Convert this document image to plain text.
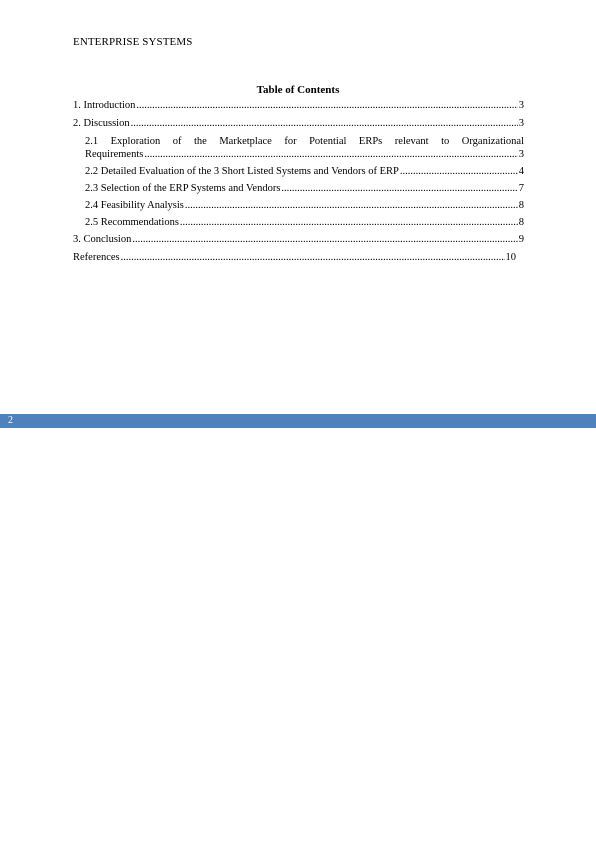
ENTERPRISE SYSTEMS
Table of Contents
1. Introduction .....	3
2. Discussion .....	3
2.1 Exploration of the Marketplace for Potential ERPs relevant to Organizational
Requirements .....	3
2.2 Detailed Evaluation of the 3 Short Listed Systems and Vendors of ERP .....	4
2.3 Selection of the ERP Systems and Vendors .....	7
2.4 Feasibility Analysis .....	8
2.5 Recommendations .....	8
3. Conclusion .....	9
References .....	10
2
